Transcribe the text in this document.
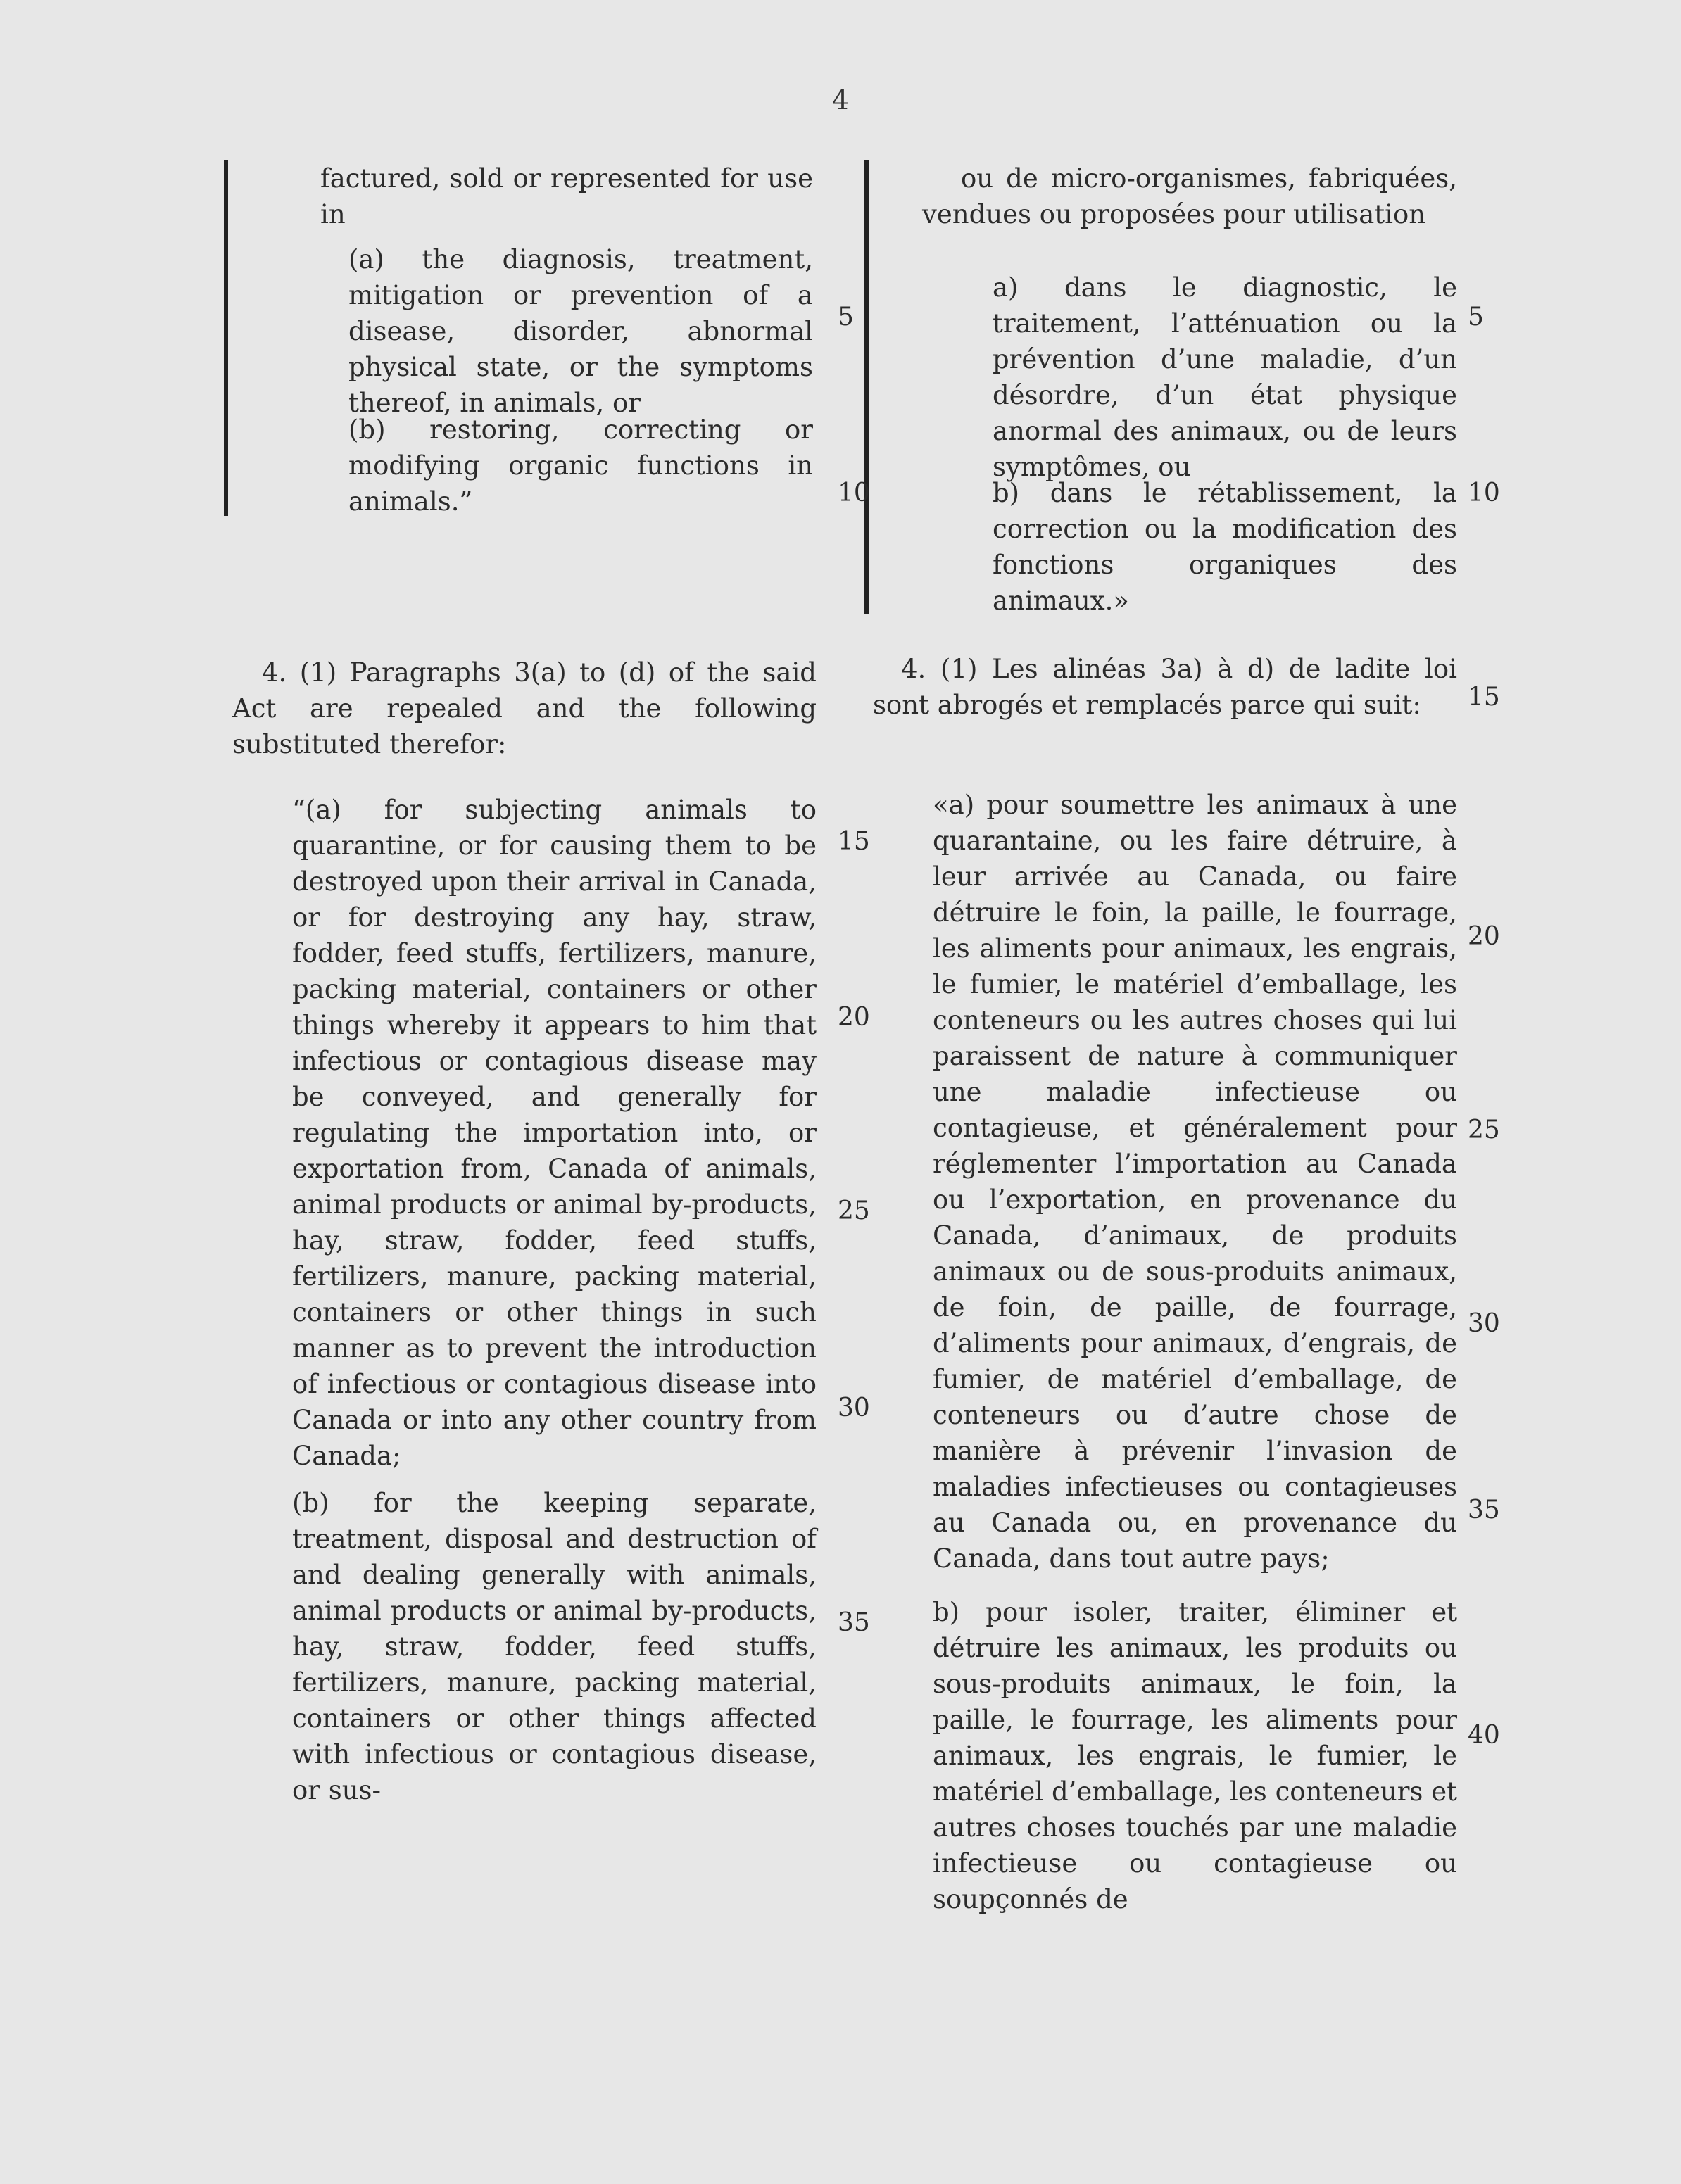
4
factured, sold or represented for use in
(a) the diagnosis, treatment, mitigation or prevention of a disease, disorder, abnormal physical state, or the symptoms thereof, in animals, or
(b) restoring, correcting or modifying organic functions in animals.”
4. (1) Paragraphs 3(a) to (d) of the said Act are repealed and the following substituted therefor:
“(a) for subjecting animals to quarantine, or for causing them to be destroyed upon their arrival in Canada, or for destroying any hay, straw, fodder, feed stuffs, fertilizers, manure, packing material, containers or other things whereby it appears to him that infectious or contagious disease may be conveyed, and generally for regulating the importation into, or exportation from, Canada of animals, animal products or animal by-products, hay, straw, fodder, feed stuffs, fertilizers, manure, packing material, containers or other things in such manner as to prevent the introduction of infectious or contagious disease into Canada or into any other country from Canada;
(b) for the keeping separate, treatment, disposal and destruction of and dealing generally with animals, animal products or animal by-products, hay, straw, fodder, feed stuffs, fertilizers, manure, packing material, containers or other things affected with infectious or contagious disease, or sus-
ou de micro-organismes, fabriquées, vendues ou proposées pour utilisation
a) dans le diagnostic, le traitement, l’atténuation ou la prévention d’une maladie, d’un désordre, d’un état physique anormal des animaux, ou de leurs symptômes, ou
b) dans le rétablissement, la correction ou la modification des fonctions organiques des animaux.»
4. (1) Les alinéas 3a) à d) de ladite loi sont abrogés et remplacés parce qui suit:
«a) pour soumettre les animaux à une quarantaine, ou les faire détruire, à leur arrivée au Canada, ou faire détruire le foin, la paille, le fourrage, les aliments pour animaux, les engrais, le fumier, le matériel d’emballage, les conteneurs ou les autres choses qui lui paraissent de nature à communiquer une maladie infectieuse ou contagieuse, et généralement pour réglementer l’importation au Canada ou l’exportation, en provenance du Canada, d’animaux, de produits animaux ou de sous-produits animaux, de foin, de paille, de fourrage, d’aliments pour animaux, d’engrais, de fumier, de matériel d’emballage, de conteneurs ou d’autre chose de manière à prévenir l’invasion de maladies infectieuses ou contagieuses au Canada ou, en provenance du Canada, dans tout autre pays;
b) pour isoler, traiter, éliminer et détruire les animaux, les produits ou sous-produits animaux, le foin, la paille, le fourrage, les aliments pour animaux, les engrais, le fumier, le matériel d’emballage, les conteneurs et autres choses touchés par une maladie infectieuse ou contagieuse ou soupçonnés de
5
10
15
20
25
30
35
5
10
15
20
25
30
35
40
